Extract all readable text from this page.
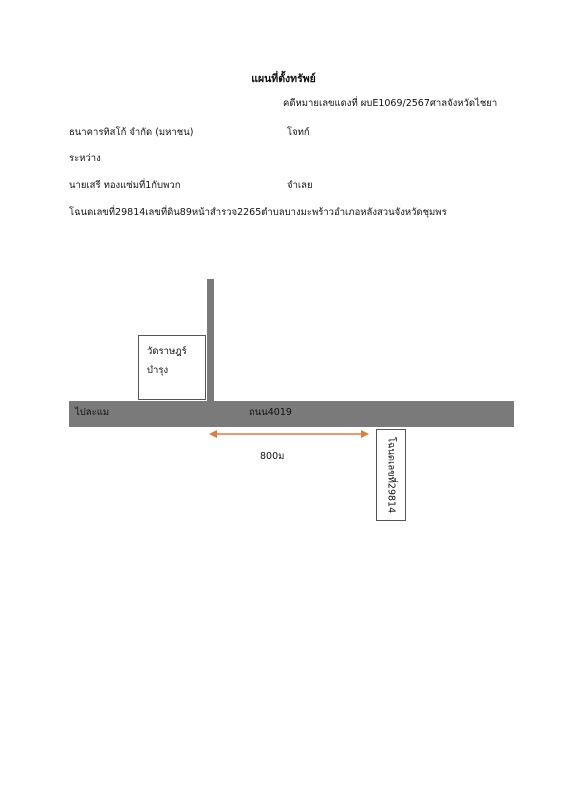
แผนที่ตั้งทรัพย์
คดีหมายเลขแดงที่ ผบE1069/2567ศาลจังหวัดไชยา
ธนาคารทิสโก้ จำกัด (มหาชน)	โจทก์
ระหว่าง
นายเสรี ทองแซ่มที่1กับพวก	จำเลย
โฉนดเลขที่29814เลขที่ดิน89หน้าสำรวจ2265ตำบลบางมะพร้าวอำเภอหลังสวนจังหวัดชุมพร
วัดราษฎร์
บำรุง
ไปละแม	ถนน4019
800ม	โฉนดเลขที่29814
